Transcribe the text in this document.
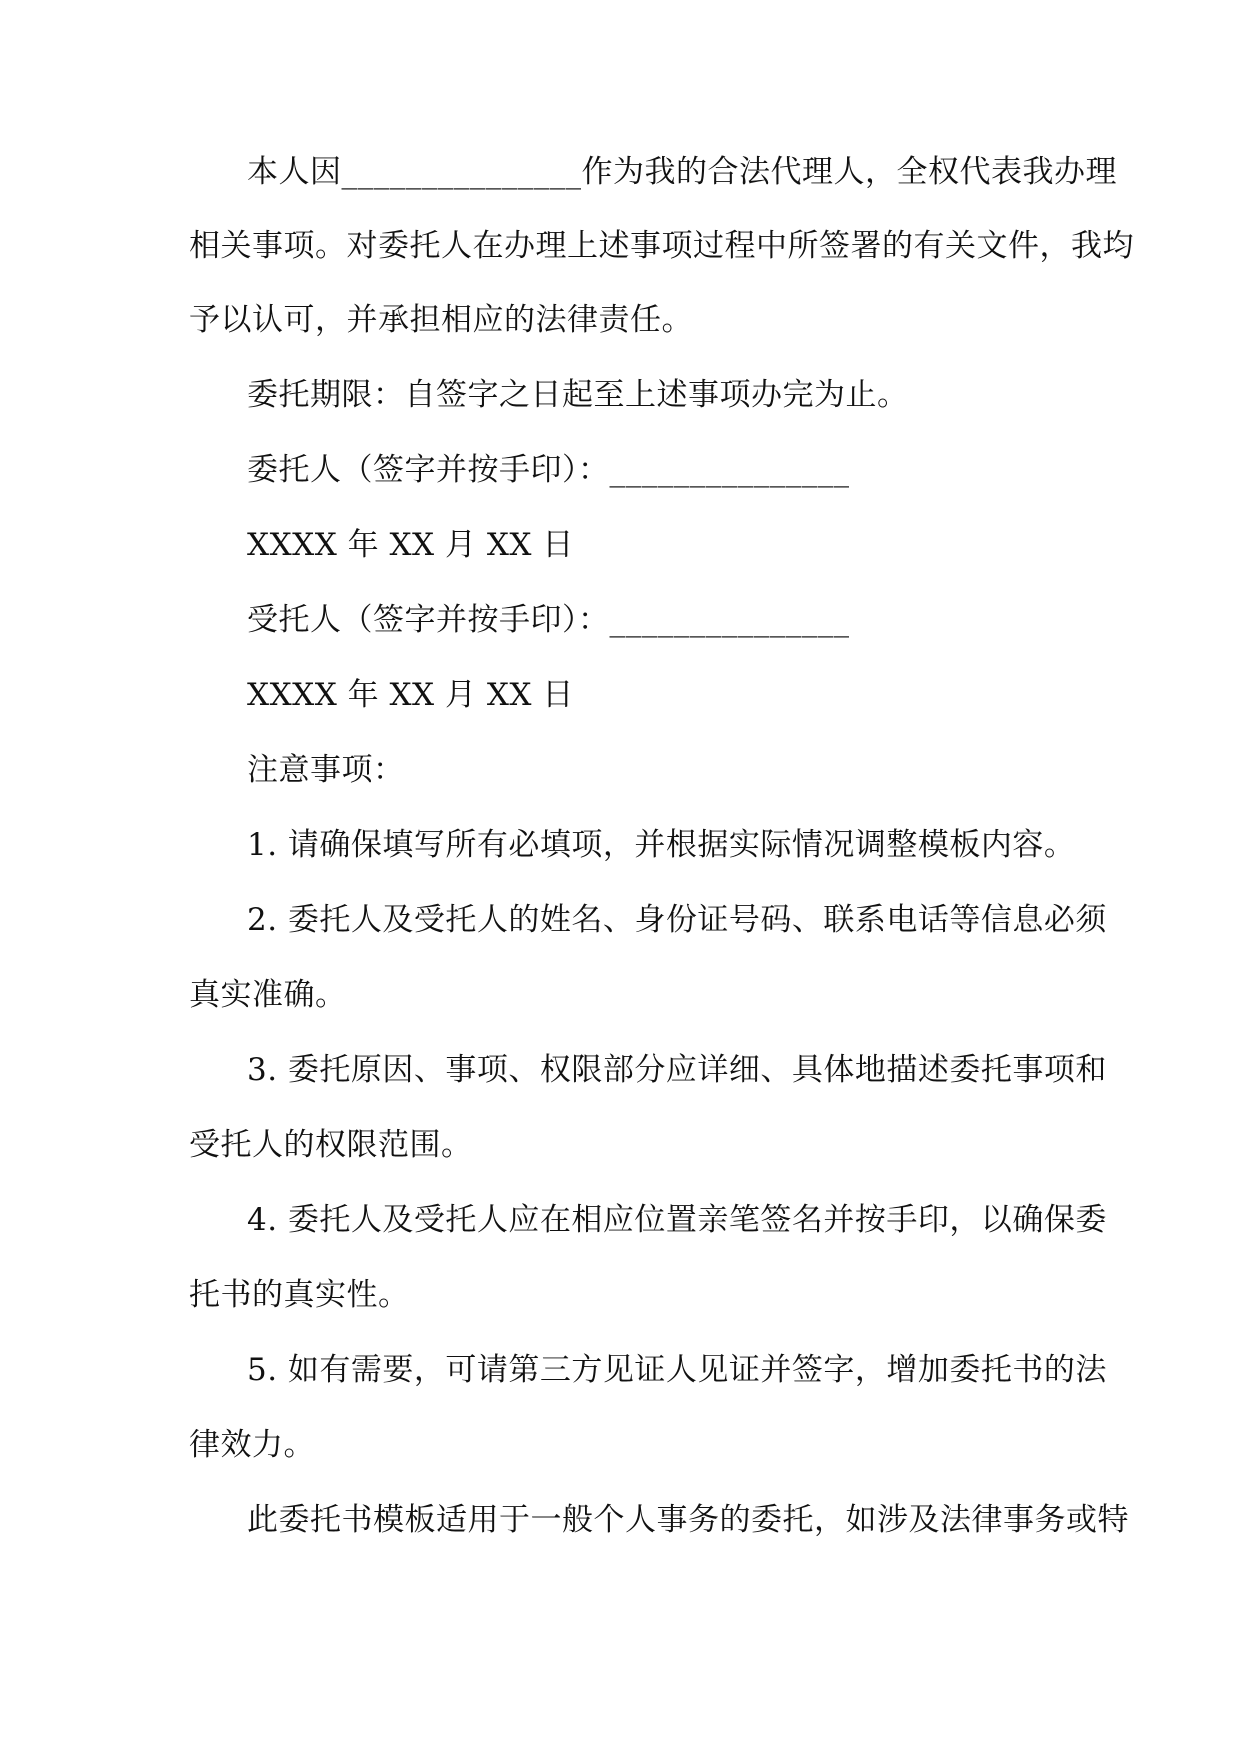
本人因_______________作为我的合法代理人，全权代表我办理
相关事项。对委托人在办理上述事项过程中所签署的有关文件，我均
予以认可，并承担相应的法律责任。
委托期限：自签字之日起至上述事项办完为止。
委托人（签字并按手印）：_______________
XXXX 年 XX 月 XX 日
受托人（签字并按手印）：_______________
XXXX 年 XX 月 XX 日
注意事项：
1. 请确保填写所有必填项，并根据实际情况调整模板内容。
2. 委托人及受托人的姓名、身份证号码、联系电话等信息必须
真实准确。
3. 委托原因、事项、权限部分应详细、具体地描述委托事项和
受托人的权限范围。
4. 委托人及受托人应在相应位置亲笔签名并按手印，以确保委
托书的真实性。
5. 如有需要，可请第三方见证人见证并签字，增加委托书的法
律效力。
此委托书模板适用于一般个人事务的委托，如涉及法律事务或特
